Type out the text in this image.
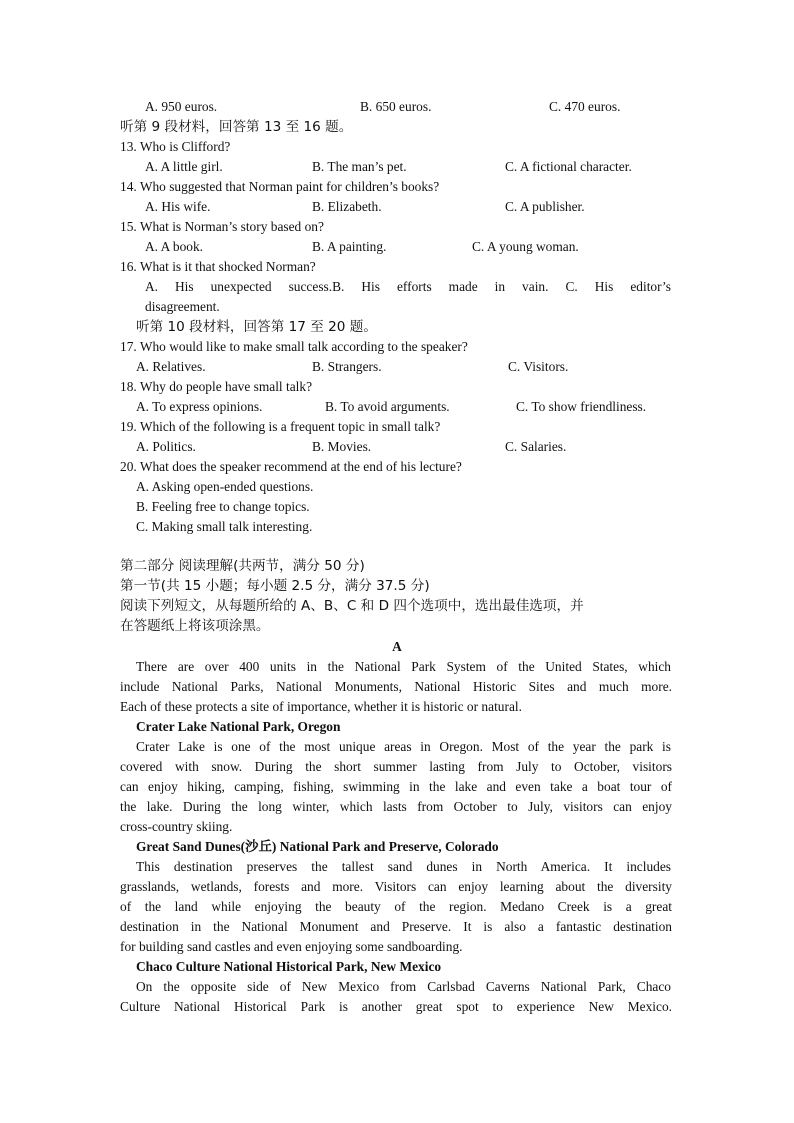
A. 950 euros.	B. 650 euros.	C. 470 euros.
听第 9 段材料，回答第 13 至 16 题。
13. Who is Clifford?
A. A little girl.	B. The man’s pet.	C. A fictional character.
14. Who suggested that Norman paint for children’s books?
A. His wife.	B. Elizabeth.	C. A publisher.
15. What is Norman’s story based on?
A. A book.	B. A painting.	C. A young woman.
16. What is it that shocked Norman?
A. His unexpected success.B. His efforts made in vain. C. His editor’s
disagreement.
听第 10 段材料，回答第 17 至 20 题。
17. Who would like to make small talk according to the speaker?
A. Relatives.	B. Strangers.	C. Visitors.
18. Why do people have small talk?
A. To express opinions.	B. To avoid arguments.	C. To show friendliness.
19. Which of the following is a frequent topic in small talk?
A. Politics.	B. Movies.	C. Salaries.
20. What does the speaker recommend at the end of his lecture?
A. Asking open-ended questions.
B. Feeling free to change topics.
C. Making small talk interesting.
第二部分 阅读理解(共两节，满分 50 分)
第一节(共 15 小题；每小题 2.5 分，满分 37.5 分)
阅读下列短文，从每题所给的 A、B、C 和 D 四个选项中，选出最佳选项，并
在答题纸上将该项涂黑。
A
There are over 400 units in the National Park System of the United States, which
include National Parks, National Monuments, National Historic Sites and much more.
Each of these protects a site of importance, whether it is historic or natural.
Crater Lake National Park, Oregon
Crater Lake is one of the most unique areas in Oregon. Most of the year the park is
covered with snow. During the short summer lasting from July to October, visitors
can enjoy hiking, camping, fishing, swimming in the lake and even take a boat tour of
the lake. During the long winter, which lasts from October to July, visitors can enjoy
cross-country skiing.
Great Sand Dunes(沙丘) National Park and Preserve, Colorado
This destination preserves the tallest sand dunes in North America. It includes
grasslands, wetlands, forests and more. Visitors can enjoy learning about the diversity
of the land while enjoying the beauty of the region. Medano Creek is a great
destination in the National Monument and Preserve. It is also a fantastic destination
for building sand castles and even enjoying some sandboarding.
Chaco Culture National Historical Park, New Mexico
On the opposite side of New Mexico from Carlsbad Caverns National Park, Chaco
Culture National Historical Park is another great spot to experience New Mexico.
